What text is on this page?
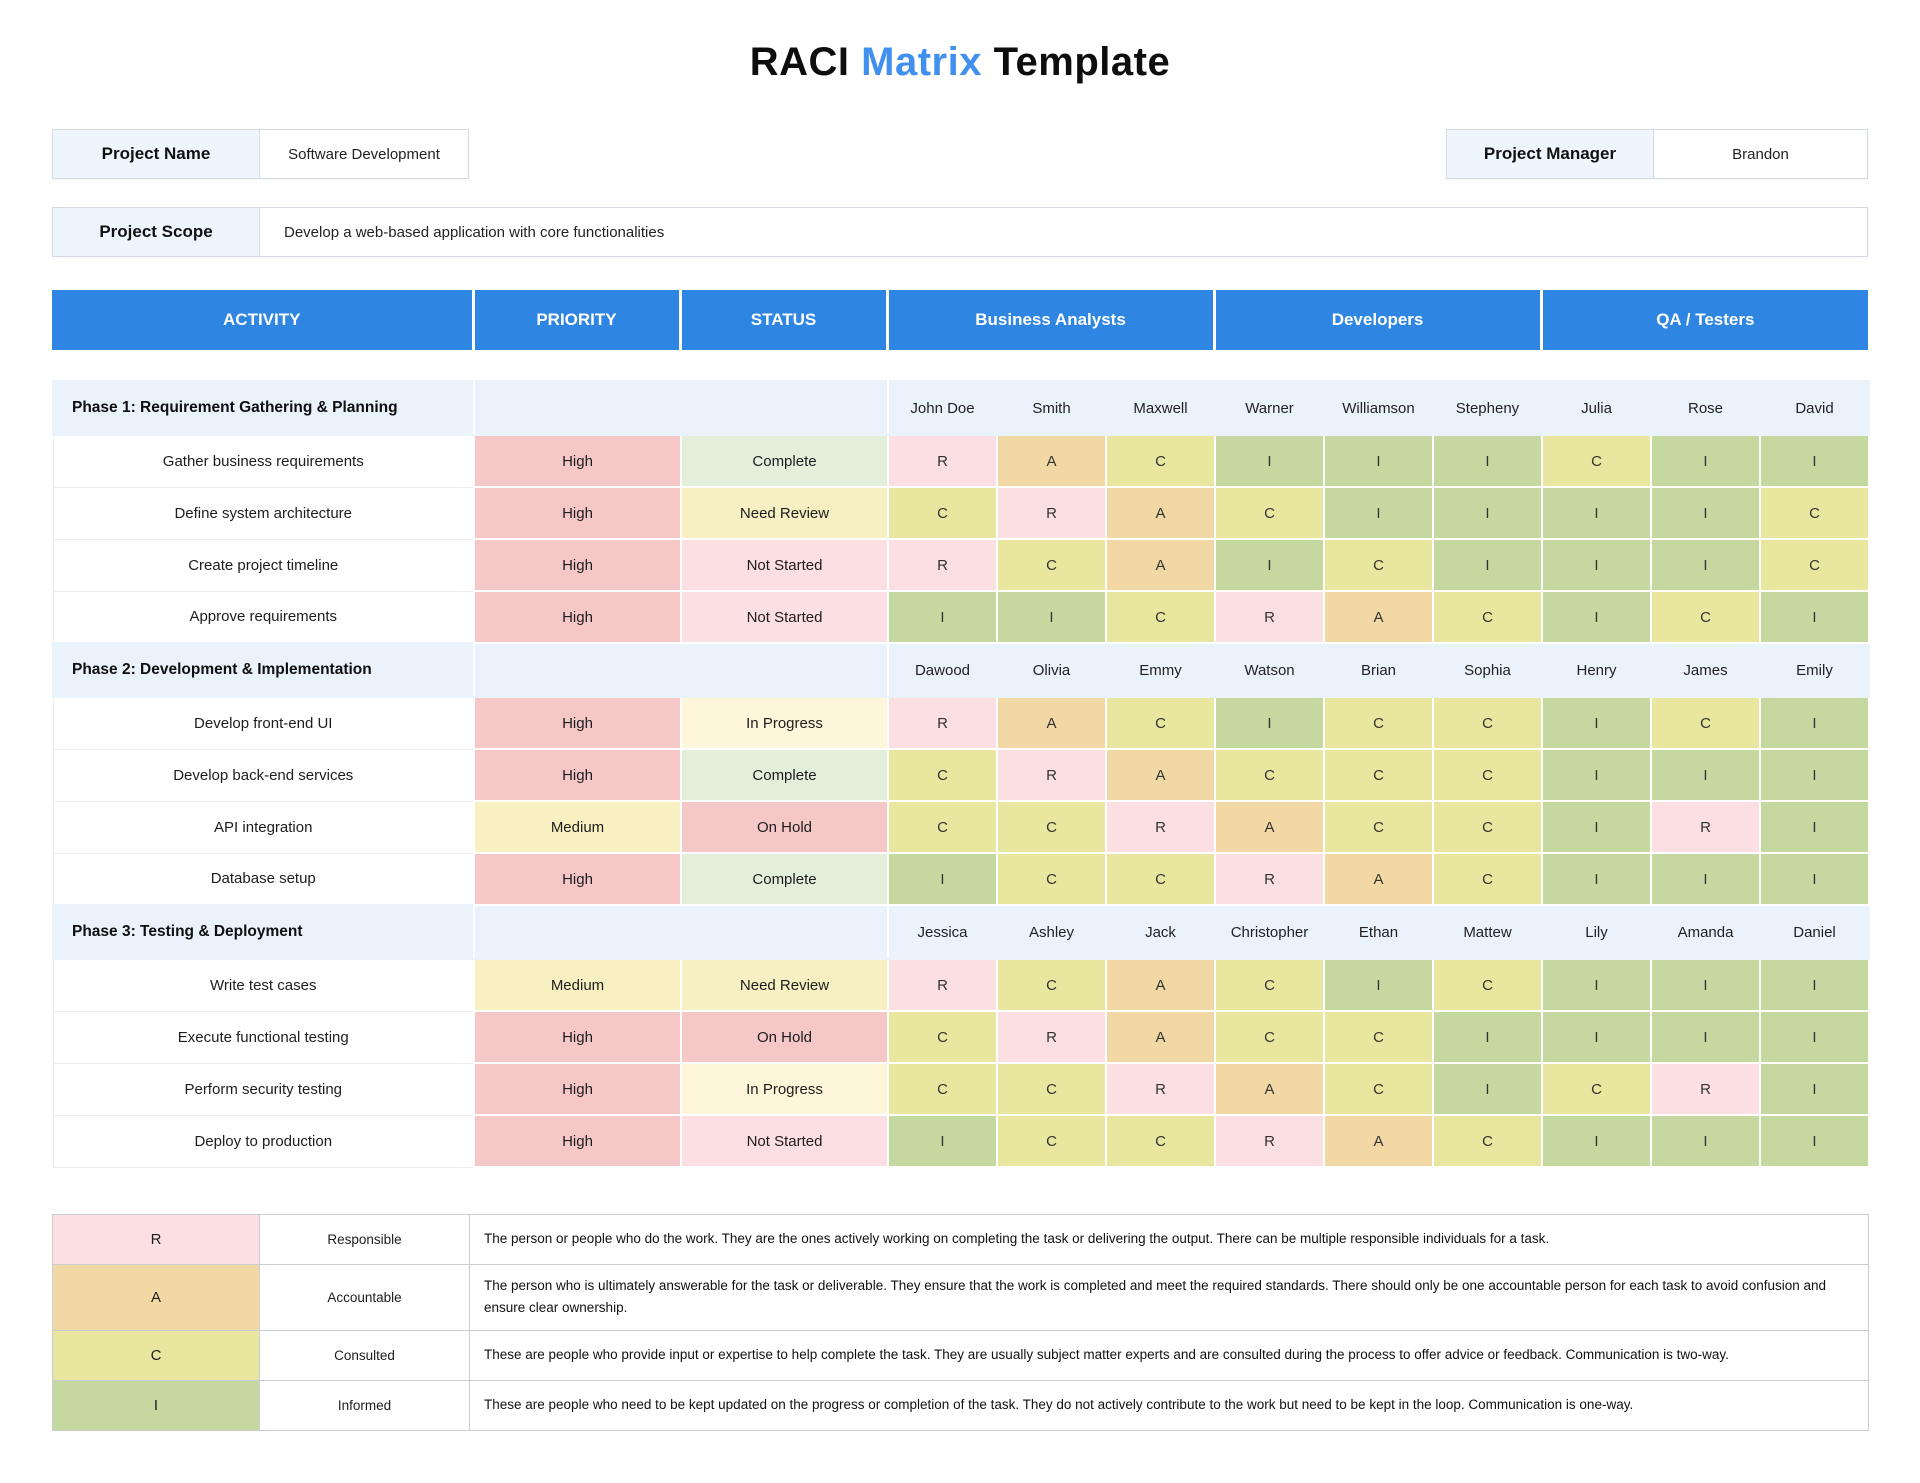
RACI Matrix Template
Project Name	Software Development	Project Manager	Brandon
Project Scope	Develop a web-based application with core functionalities
ACTIVITY	PRIORITY	STATUS	Business Analysts	Developers	QA / Testers
Phase 1: Requirement Gathering & Planning			John Doe	Smith	Maxwell	Warner	Williamson	Stepheny	Julia	Rose	David
Gather business requirements	High	Complete	R	A	C	I	I	I	C	I	I
Define system architecture	High	Need Review	C	R	A	C	I	I	I	I	C
Create project timeline	High	Not Started	R	C	A	I	C	I	I	I	C
Approve requirements	High	Not Started	I	I	C	R	A	C	I	C	I
Phase 2: Development & Implementation			Dawood	Olivia	Emmy	Watson	Brian	Sophia	Henry	James	Emily
Develop front-end UI	High	In Progress	R	A	C	I	C	C	I	C	I
Develop back-end services	High	Complete	C	R	A	C	C	C	I	I	I
API integration	Medium	On Hold	C	C	R	A	C	C	I	R	I
Database setup	High	Complete	I	C	C	R	A	C	I	I	I
Phase 3: Testing & Deployment			Jessica	Ashley	Jack	Christopher	Ethan	Mattew	Lily	Amanda	Daniel
Write test cases	Medium	Need Review	R	C	A	C	I	C	I	I	I
Execute functional testing	High	On Hold	C	R	A	C	C	I	I	I	I
Perform security testing	High	In Progress	C	C	R	A	C	I	C	R	I
Deploy to production	High	Not Started	I	C	C	R	A	C	I	I	I
R	Responsible	The person or people who do the work. They are the ones actively working on completing the task or delivering the output. There can be multiple responsible individuals for a task.
A	Accountable	The person who is ultimately answerable for the task or deliverable. They ensure that the work is completed and meet the required standards. There should only be one accountable person for each task to avoid confusion and ensure clear ownership.
C	Consulted	These are people who provide input or expertise to help complete the task. They are usually subject matter experts and are consulted during the process to offer advice or feedback. Communication is two-way.
I	Informed	These are people who need to be kept updated on the progress or completion of the task. They do not actively contribute to the work but need to be kept in the loop. Communication is one-way.
